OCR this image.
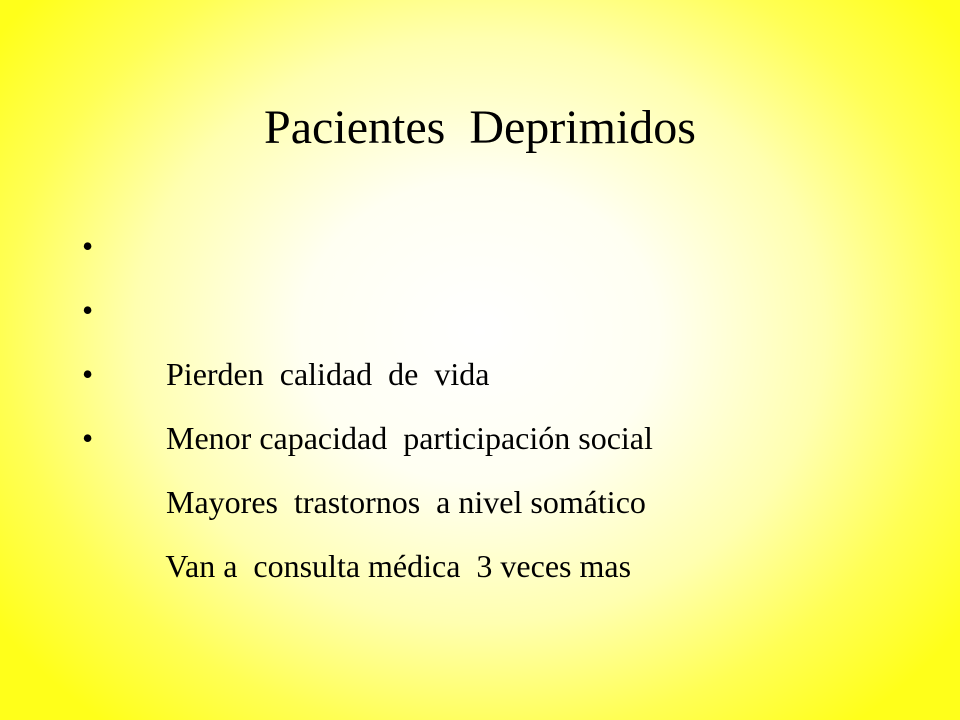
Pacientes  Deprimidos

•

Pierden  calidad  de  vida

•

Menor capacidad  participación social

•

Mayores  trastornos  a nivel somático

•

Van a  consulta médica  3 veces mas
